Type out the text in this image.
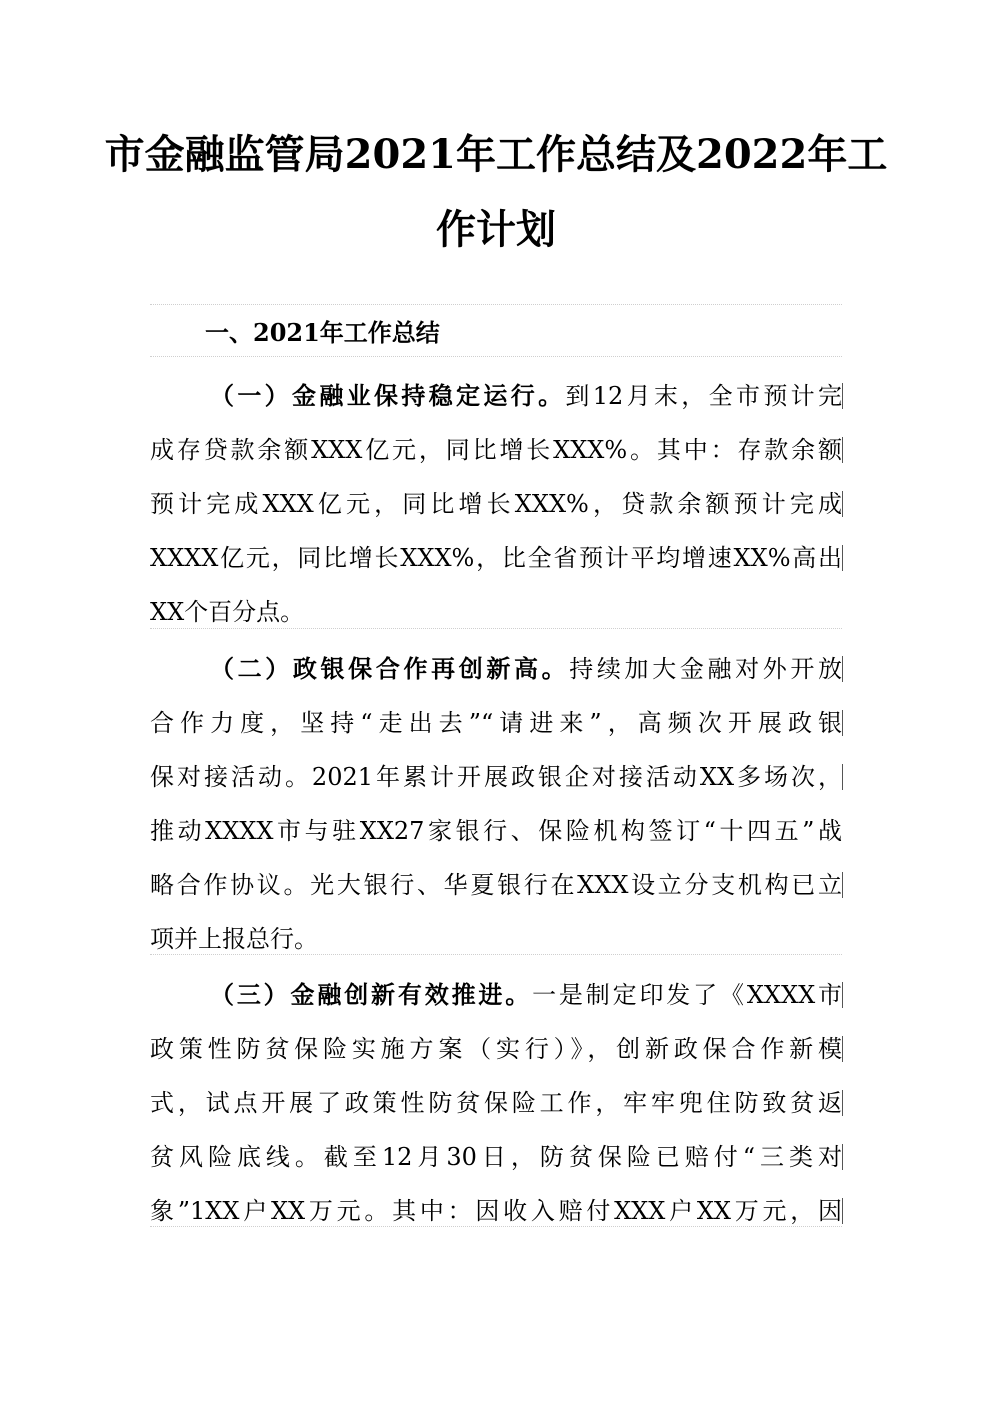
市金融监管局2021年工作总结及2022年工
作计划
一、2021年工作总结
（一）金融业保持稳定运行。到12月末，全市预计完
成存贷款余额XXX亿元，同比增长XXX%。其中：存款余额
预计完成XXX亿元，同比增长XXX%，贷款余额预计完成
XXXX亿元，同比增长XXX%，比全省预计平均增速XX%高出
XX个百分点。
（二）政银保合作再创新高。持续加大金融对外开放
合作力度，坚持“走出去”“请进来”，高频次开展政银
保对接活动。2021年累计开展政银企对接活动XX多场次，
推动XXXX市与驻XX27家银行、保险机构签订“十四五”战
略合作协议。光大银行、华夏银行在XXX设立分支机构已立
项并上报总行。
（三）金融创新有效推进。一是制定印发了《XXXX市
政策性防贫保险实施方案（实行）》，创新政保合作新模
式，试点开展了政策性防贫保险工作，牢牢兜住防致贫返
贫风险底线。截至12月30日，防贫保险已赔付“三类对
象”1XX户XX万元。其中：因收入赔付XXX户XX万元，因
